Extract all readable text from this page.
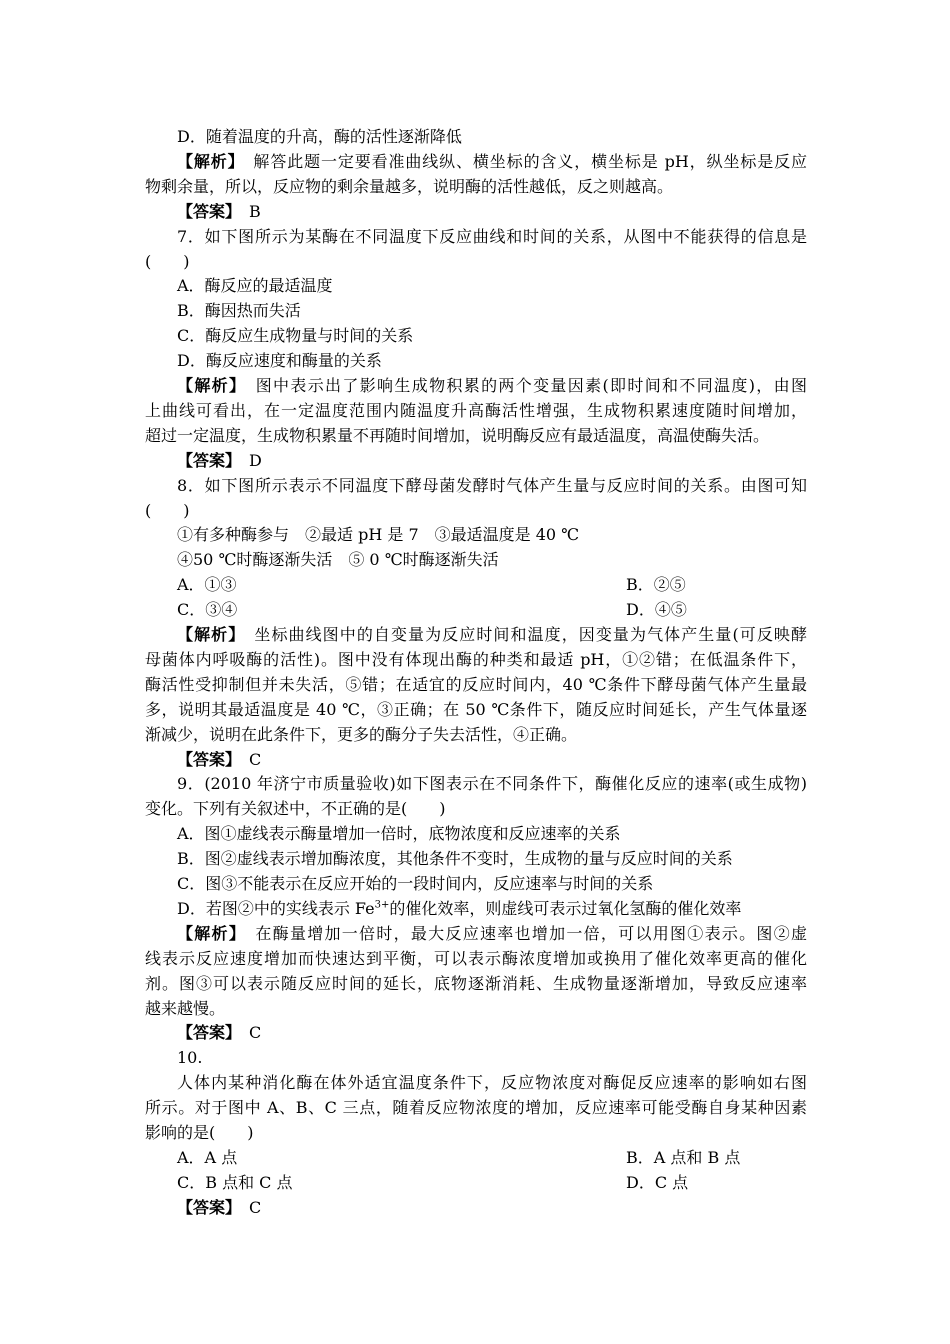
D．随着温度的升高，酶的活性逐渐降低
【解析】　解答此题一定要看准曲线纵、横坐标的含义，横坐标是 pH，纵坐标是反应
物剩余量，所以，反应物的剩余量越多，说明酶的活性越低，反之则越高。
【答案】　B
7．如下图所示为某酶在不同温度下反应曲线和时间的关系，从图中不能获得的信息是
(　　)
A．酶反应的最适温度
B．酶因热而失活
C．酶反应生成物量与时间的关系
D．酶反应速度和酶量的关系
【解析】　图中表示出了影响生成物积累的两个变量因素(即时间和不同温度)，由图
上曲线可看出，在一定温度范围内随温度升高酶活性增强，生成物积累速度随时间增加，
超过一定温度，生成物积累量不再随时间增加，说明酶反应有最适温度，高温使酶失活。
【答案】　D
8．如下图所示表示不同温度下酵母菌发酵时气体产生量与反应时间的关系。由图可知
(　　)
①有多种酶参与　②最适 pH 是 7　③最适温度是 40 ℃
④50 ℃时酶逐渐失活　⑤ 0 ℃时酶逐渐失活
A．①③	B．②⑤
C．③④	D．④⑤
【解析】　坐标曲线图中的自变量为反应时间和温度，因变量为气体产生量(可反映酵
母菌体内呼吸酶的活性)。图中没有体现出酶的种类和最适 pH，①②错；在低温条件下，
酶活性受抑制但并未失活，⑤错；在适宜的反应时间内，40 ℃条件下酵母菌气体产生量最
多，说明其最适温度是 40 ℃，③正确；在 50 ℃条件下，随反应时间延长，产生气体量逐
渐减少，说明在此条件下，更多的酶分子失去活性，④正确。
【答案】　C
9．(2010 年济宁市质量验收)如下图表示在不同条件下，酶催化反应的速率(或生成物)
变化。下列有关叙述中，不正确的是(　　)
A．图①虚线表示酶量增加一倍时，底物浓度和反应速率的关系
B．图②虚线表示增加酶浓度，其他条件不变时，生成物的量与反应时间的关系
C．图③不能表示在反应开始的一段时间内，反应速率与时间的关系
D．若图②中的实线表示 $Fe^{3+}$的催化效率，则虚线可表示过氧化氢酶的催化效率
【解析】　在酶量增加一倍时，最大反应速率也增加一倍，可以用图①表示。图②虚
线表示反应速度增加而快速达到平衡，可以表示酶浓度增加或换用了催化效率更高的催化
剂。图③可以表示随反应时间的延长，底物逐渐消耗、生成物量逐渐增加，导致反应速率
越来越慢。
【答案】　C
10.
人体内某种消化酶在体外适宜温度条件下，反应物浓度对酶促反应速率的影响如右图
所示。对于图中 A、B、C 三点，随着反应物浓度的增加，反应速率可能受酶自身某种因素
影响的是(　　)
A．A 点	B．A 点和 B 点
C．B 点和 C 点	D．C 点
【答案】　C
